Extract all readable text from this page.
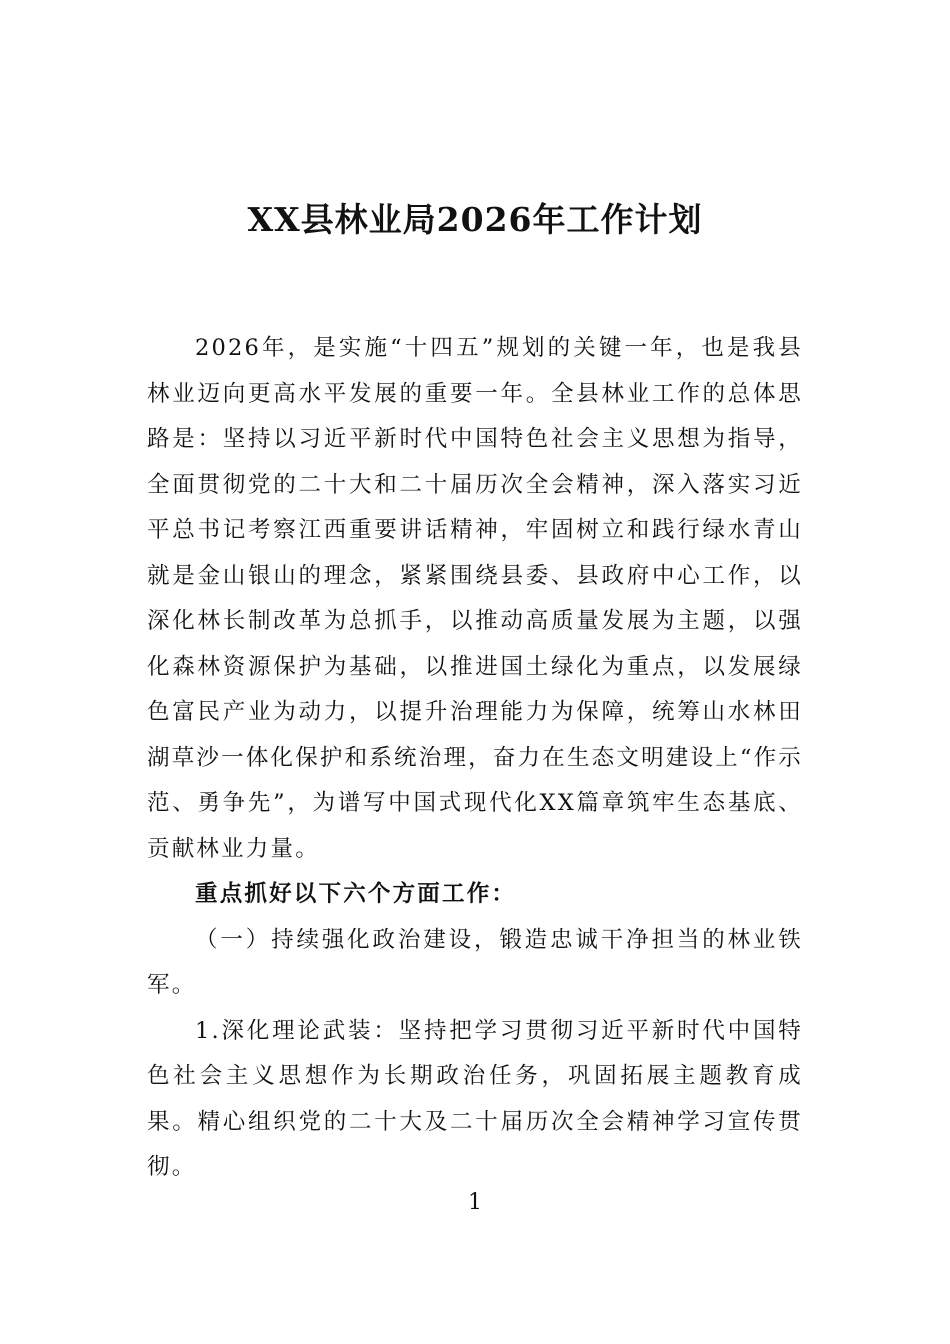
XX县林业局2026年工作计划

2026年，是实施“十四五”规划的关键一年，也是我县林业迈向更高水平发展的重要一年。全县林业工作的总体思路是：坚持以习近平新时代中国特色社会主义思想为指导，全面贯彻党的二十大和二十届历次全会精神，深入落实习近平总书记考察江西重要讲话精神，牢固树立和践行绿水青山就是金山银山的理念，紧紧围绕县委、县政府中心工作，以深化林长制改革为总抓手，以推动高质量发展为主题，以强化森林资源保护为基础，以推进国土绿化为重点，以发展绿色富民产业为动力，以提升治理能力为保障，统筹山水林田湖草沙一体化保护和系统治理，奋力在生态文明建设上“作示范、勇争先”，为谱写中国式现代化XX篇章筑牢生态基底、贡献林业力量。

重点抓好以下六个方面工作：

（一）持续强化政治建设，锻造忠诚干净担当的林业铁军。

1.深化理论武装：坚持把学习贯彻习近平新时代中国特色社会主义思想作为长期政治任务，巩固拓展主题教育成果。精心组织党的二十大及二十届历次全会精神学习宣传贯彻。

1
